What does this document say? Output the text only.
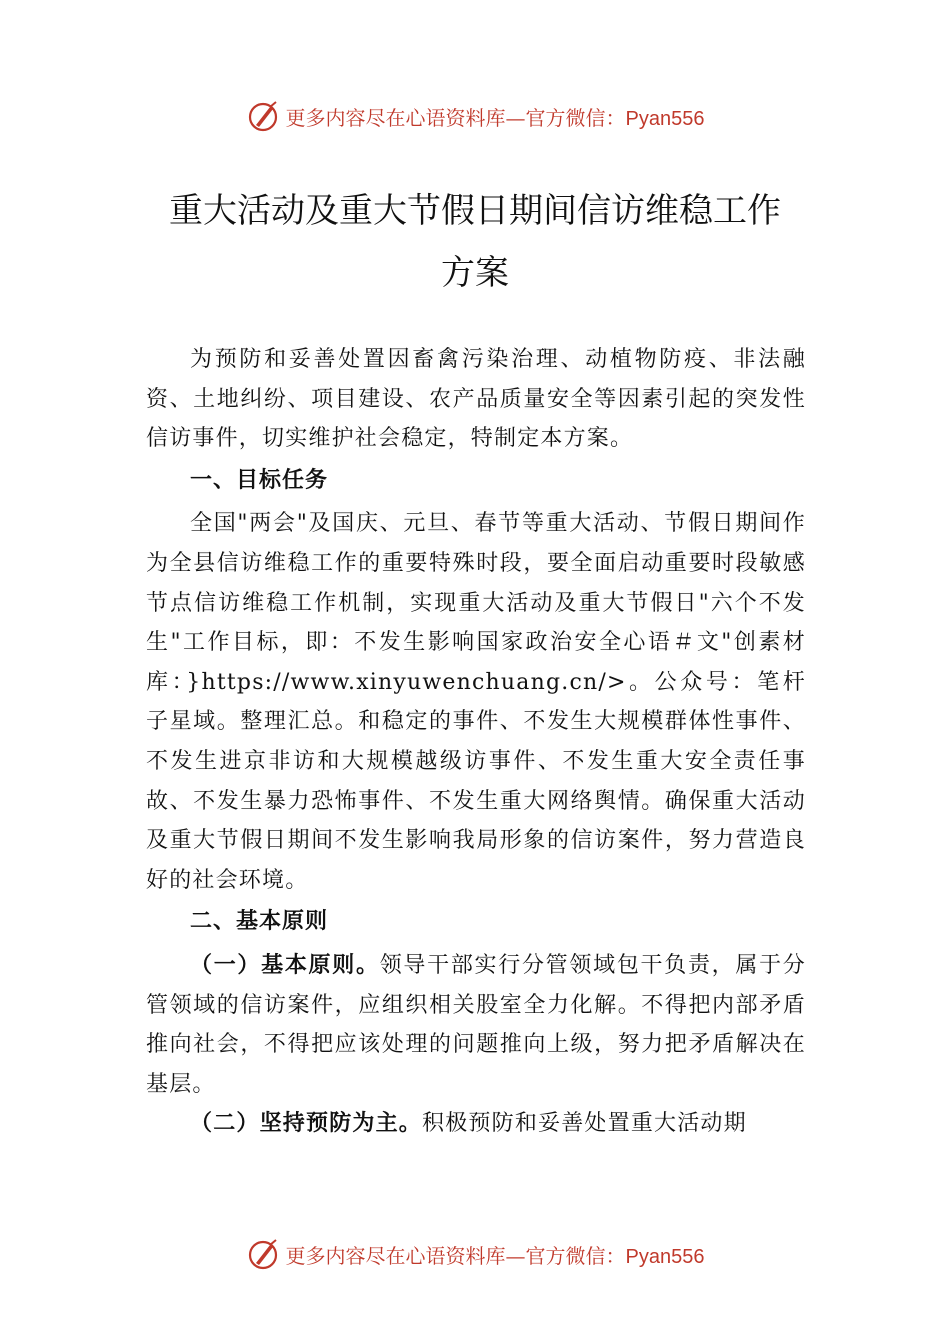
更多内容尽在心语资料库—官方微信：Pyan556
重大活动及重大节假日期间信访维稳工作
方案

为预防和妥善处置因畜禽污染治理、动植物防疫、非法融资、土地纠纷、项目建设、农产品质量安全等因素引起的突发性信访事件，切实维护社会稳定，特制定本方案。

一、目标任务

全国"两会"及国庆、元旦、春节等重大活动、节假日期间作为全县信访维稳工作的重要特殊时段，要全面启动重要时段敏感节点信访维稳工作机制，实现重大活动及重大节假日"六个不发生"工作目标，即：不发生影响国家政治安全心语＃文"创素材库：}https://www.xinyuwenchuang.cn/>。公众号：笔杆子星域。整理汇总。和稳定的事件、不发生大规模群体性事件、不发生进京非访和大规模越级访事件、不发生重大安全责任事故、不发生暴力恐怖事件、不发生重大网络舆情。确保重大活动及重大节假日期间不发生影响我局形象的信访案件，努力营造良好的社会环境。

二、基本原则

（一）基本原则。领导干部实行分管领域包干负责，属于分管领域的信访案件，应组织相关股室全力化解。不得把内部矛盾推向社会，不得把应该处理的问题推向上级，努力把矛盾解决在基层。

（二）坚持预防为主。积极预防和妥善处置重大活动期

更多内容尽在心语资料库—官方微信：Pyan556
